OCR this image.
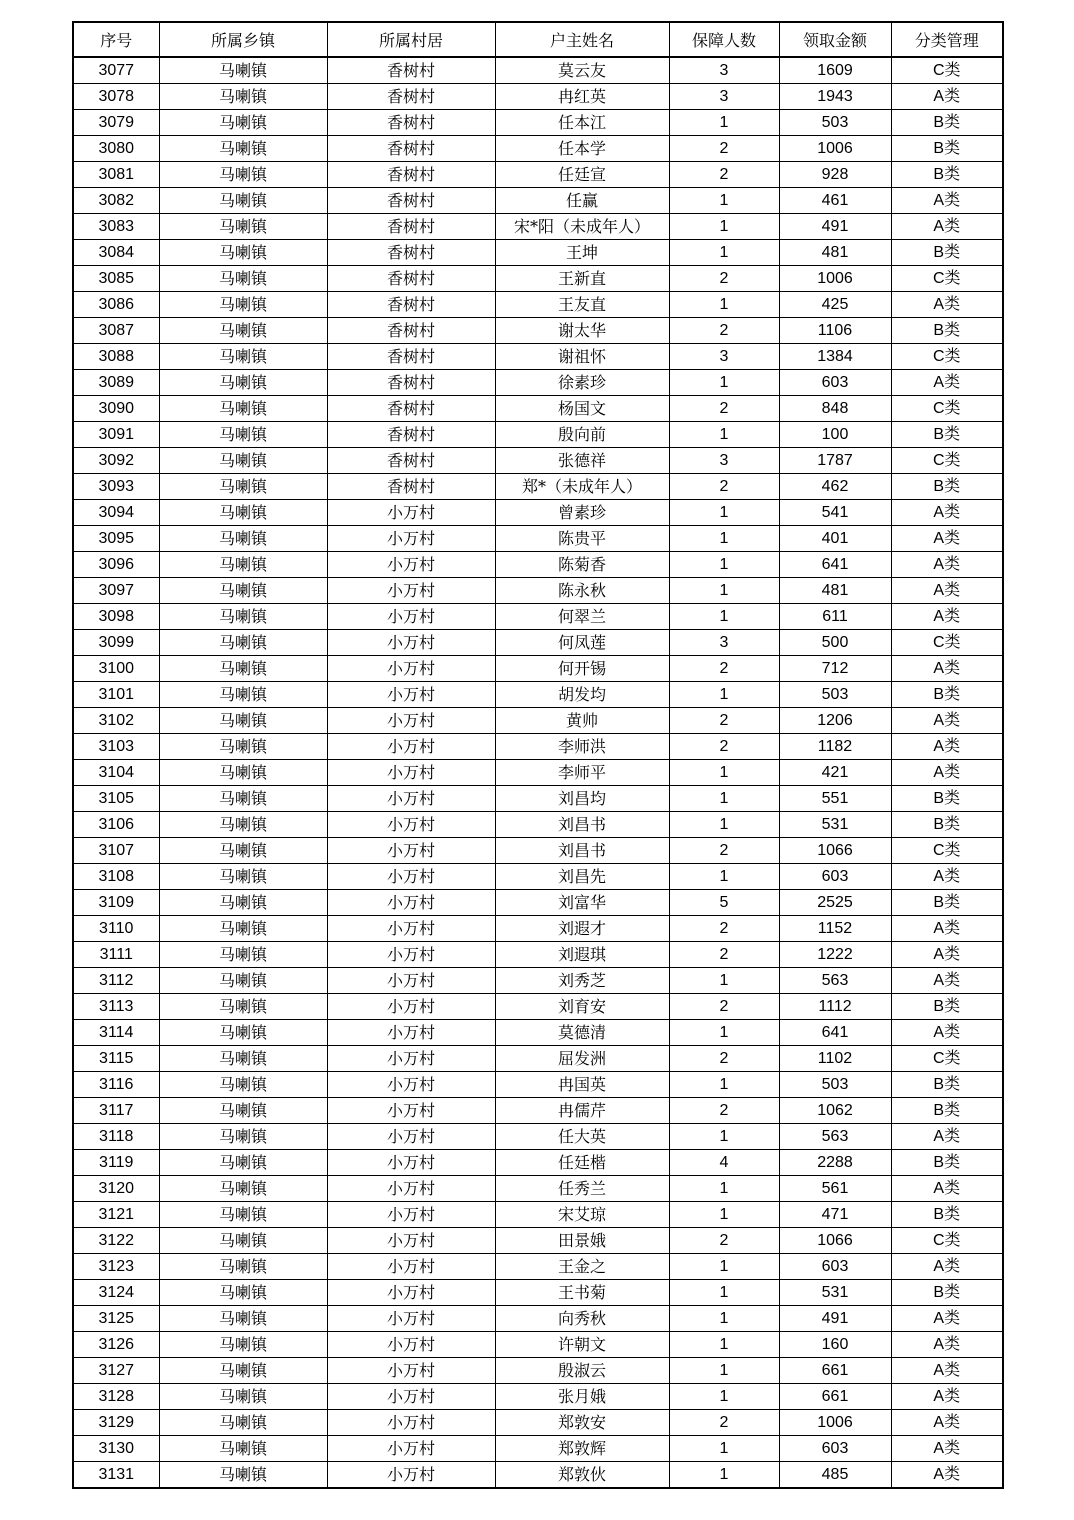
序号	所属乡镇	所属村居	户主姓名	保障人数	领取金额	分类管理
3077	马喇镇	香树村	莫云友	3	1609	C类
3078	马喇镇	香树村	冉红英	3	1943	A类
3079	马喇镇	香树村	任本江	1	503	B类
3080	马喇镇	香树村	任本学	2	1006	B类
3081	马喇镇	香树村	任廷宣	2	928	B类
3082	马喇镇	香树村	任赢	1	461	A类
3083	马喇镇	香树村	宋*阳（未成年人）	1	491	A类
3084	马喇镇	香树村	王坤	1	481	B类
3085	马喇镇	香树村	王新直	2	1006	C类
3086	马喇镇	香树村	王友直	1	425	A类
3087	马喇镇	香树村	谢太华	2	1106	B类
3088	马喇镇	香树村	谢祖怀	3	1384	C类
3089	马喇镇	香树村	徐素珍	1	603	A类
3090	马喇镇	香树村	杨国文	2	848	C类
3091	马喇镇	香树村	殷向前	1	100	B类
3092	马喇镇	香树村	张德祥	3	1787	C类
3093	马喇镇	香树村	郑*（未成年人）	2	462	B类
3094	马喇镇	小万村	曾素珍	1	541	A类
3095	马喇镇	小万村	陈贵平	1	401	A类
3096	马喇镇	小万村	陈菊香	1	641	A类
3097	马喇镇	小万村	陈永秋	1	481	A类
3098	马喇镇	小万村	何翠兰	1	611	A类
3099	马喇镇	小万村	何凤莲	3	500	C类
3100	马喇镇	小万村	何开锡	2	712	A类
3101	马喇镇	小万村	胡发均	1	503	B类
3102	马喇镇	小万村	黄帅	2	1206	A类
3103	马喇镇	小万村	李师洪	2	1182	A类
3104	马喇镇	小万村	李师平	1	421	A类
3105	马喇镇	小万村	刘昌均	1	551	B类
3106	马喇镇	小万村	刘昌书	1	531	B类
3107	马喇镇	小万村	刘昌书	2	1066	C类
3108	马喇镇	小万村	刘昌先	1	603	A类
3109	马喇镇	小万村	刘富华	5	2525	B类
3110	马喇镇	小万村	刘遐才	2	1152	A类
3111	马喇镇	小万村	刘遐琪	2	1222	A类
3112	马喇镇	小万村	刘秀芝	1	563	A类
3113	马喇镇	小万村	刘育安	2	1112	B类
3114	马喇镇	小万村	莫德清	1	641	A类
3115	马喇镇	小万村	屈发洲	2	1102	C类
3116	马喇镇	小万村	冉国英	1	503	B类
3117	马喇镇	小万村	冉儒芹	2	1062	B类
3118	马喇镇	小万村	任大英	1	563	A类
3119	马喇镇	小万村	任廷楷	4	2288	B类
3120	马喇镇	小万村	任秀兰	1	561	A类
3121	马喇镇	小万村	宋艾琼	1	471	B类
3122	马喇镇	小万村	田景娥	2	1066	C类
3123	马喇镇	小万村	王金之	1	603	A类
3124	马喇镇	小万村	王书菊	1	531	B类
3125	马喇镇	小万村	向秀秋	1	491	A类
3126	马喇镇	小万村	许朝文	1	160	A类
3127	马喇镇	小万村	殷淑云	1	661	A类
3128	马喇镇	小万村	张月娥	1	661	A类
3129	马喇镇	小万村	郑敦安	2	1006	A类
3130	马喇镇	小万村	郑敦辉	1	603	A类
3131	马喇镇	小万村	郑敦伙	1	485	A类
